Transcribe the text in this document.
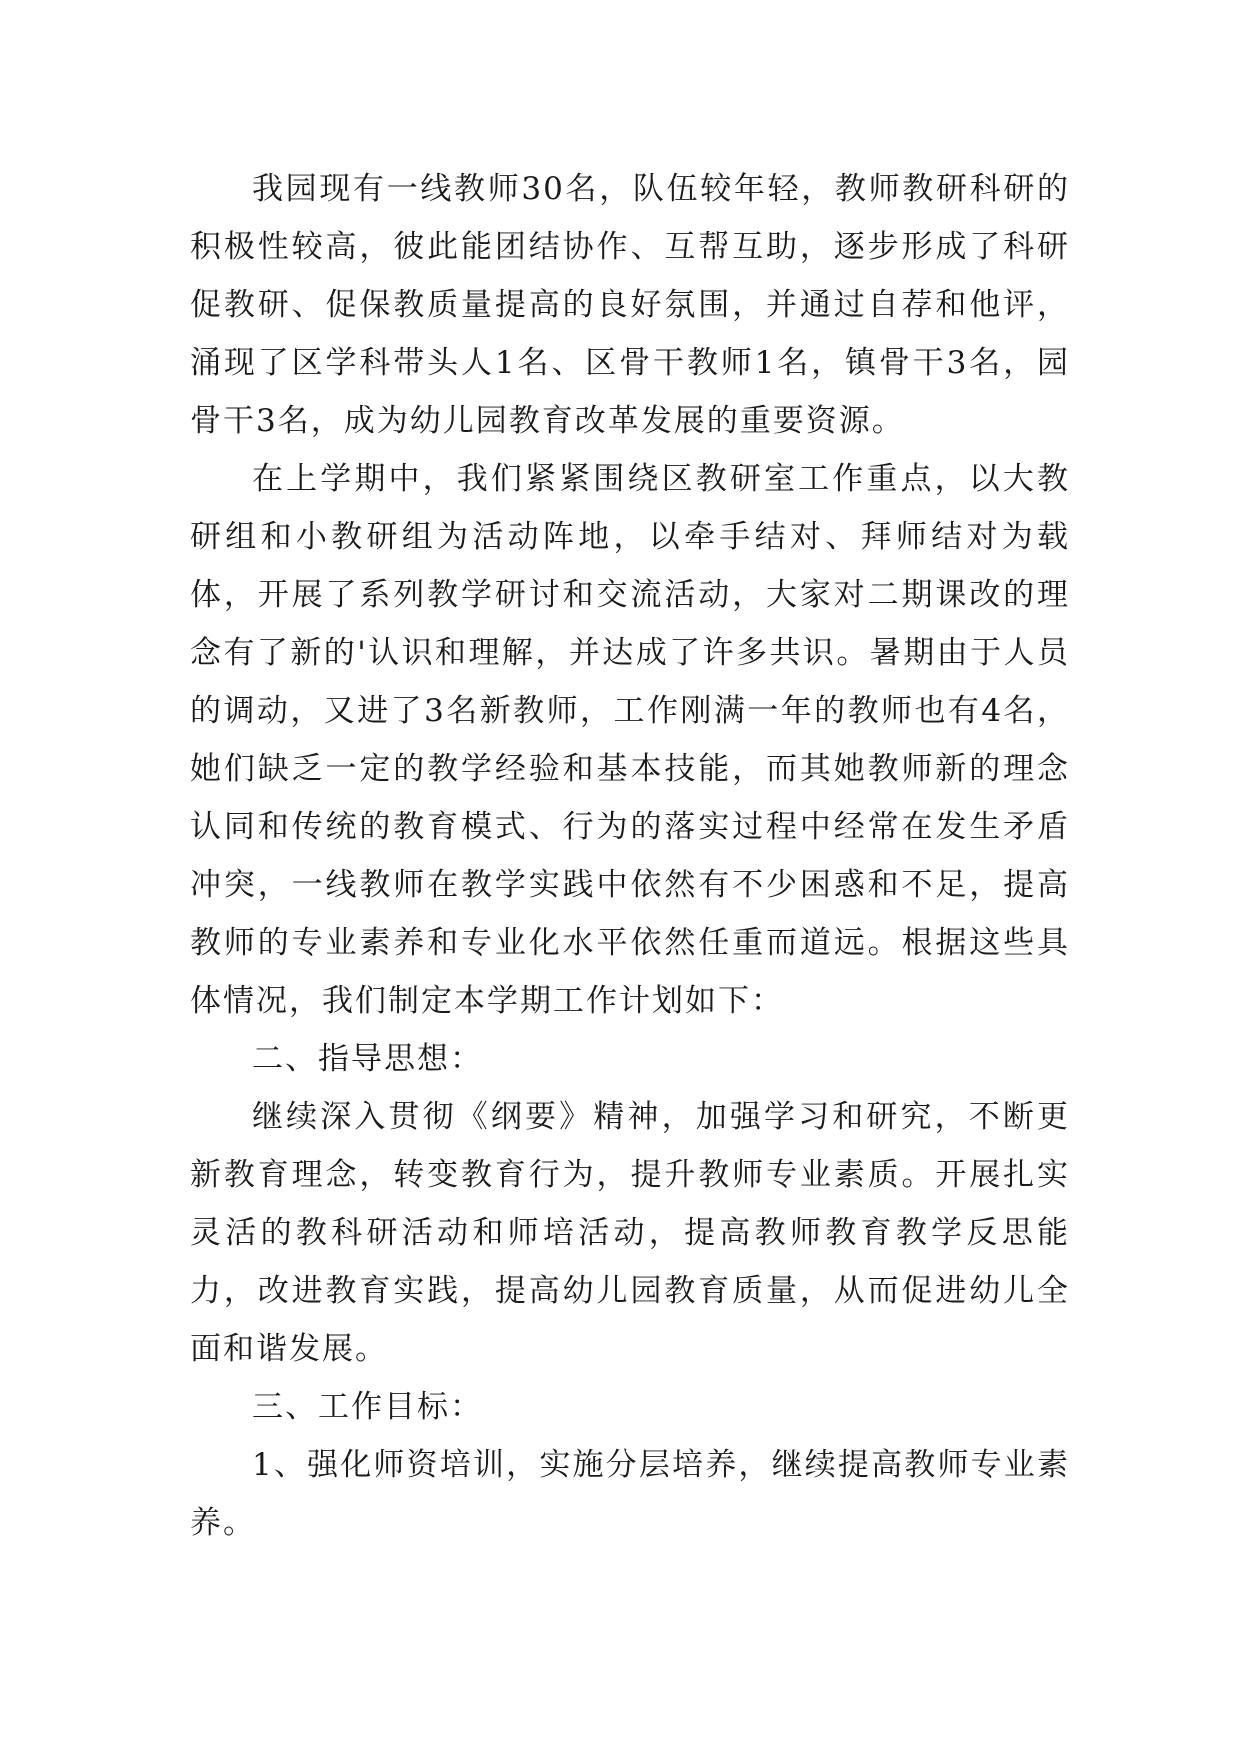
我园现有一线教师30名，队伍较年轻，教师教研科研的积极性较高，彼此能团结协作、互帮互助，逐步形成了科研促教研、促保教质量提高的良好氛围，并通过自荐和他评，涌现了区学科带头人1名、区骨干教师1名，镇骨干3名，园骨干3名，成为幼儿园教育改革发展的重要资源。

在上学期中，我们紧紧围绕区教研室工作重点，以大教研组和小教研组为活动阵地，以牵手结对、拜师结对为载体，开展了系列教学研讨和交流活动，大家对二期课改的理念有了新的'认识和理解，并达成了许多共识。暑期由于人员的调动，又进了3名新教师，工作刚满一年的教师也有4名，她们缺乏一定的教学经验和基本技能，而其她教师新的理念认同和传统的教育模式、行为的落实过程中经常在发生矛盾冲突，一线教师在教学实践中依然有不少困惑和不足，提高教师的专业素养和专业化水平依然任重而道远。根据这些具体情况，我们制定本学期工作计划如下：

二、指导思想：

继续深入贯彻《纲要》精神，加强学习和研究，不断更新教育理念，转变教育行为，提升教师专业素质。开展扎实灵活的教科研活动和师培活动，提高教师教育教学反思能力，改进教育实践，提高幼儿园教育质量，从而促进幼儿全面和谐发展。

三、工作目标：

1、强化师资培训，实施分层培养，继续提高教师专业素养。
